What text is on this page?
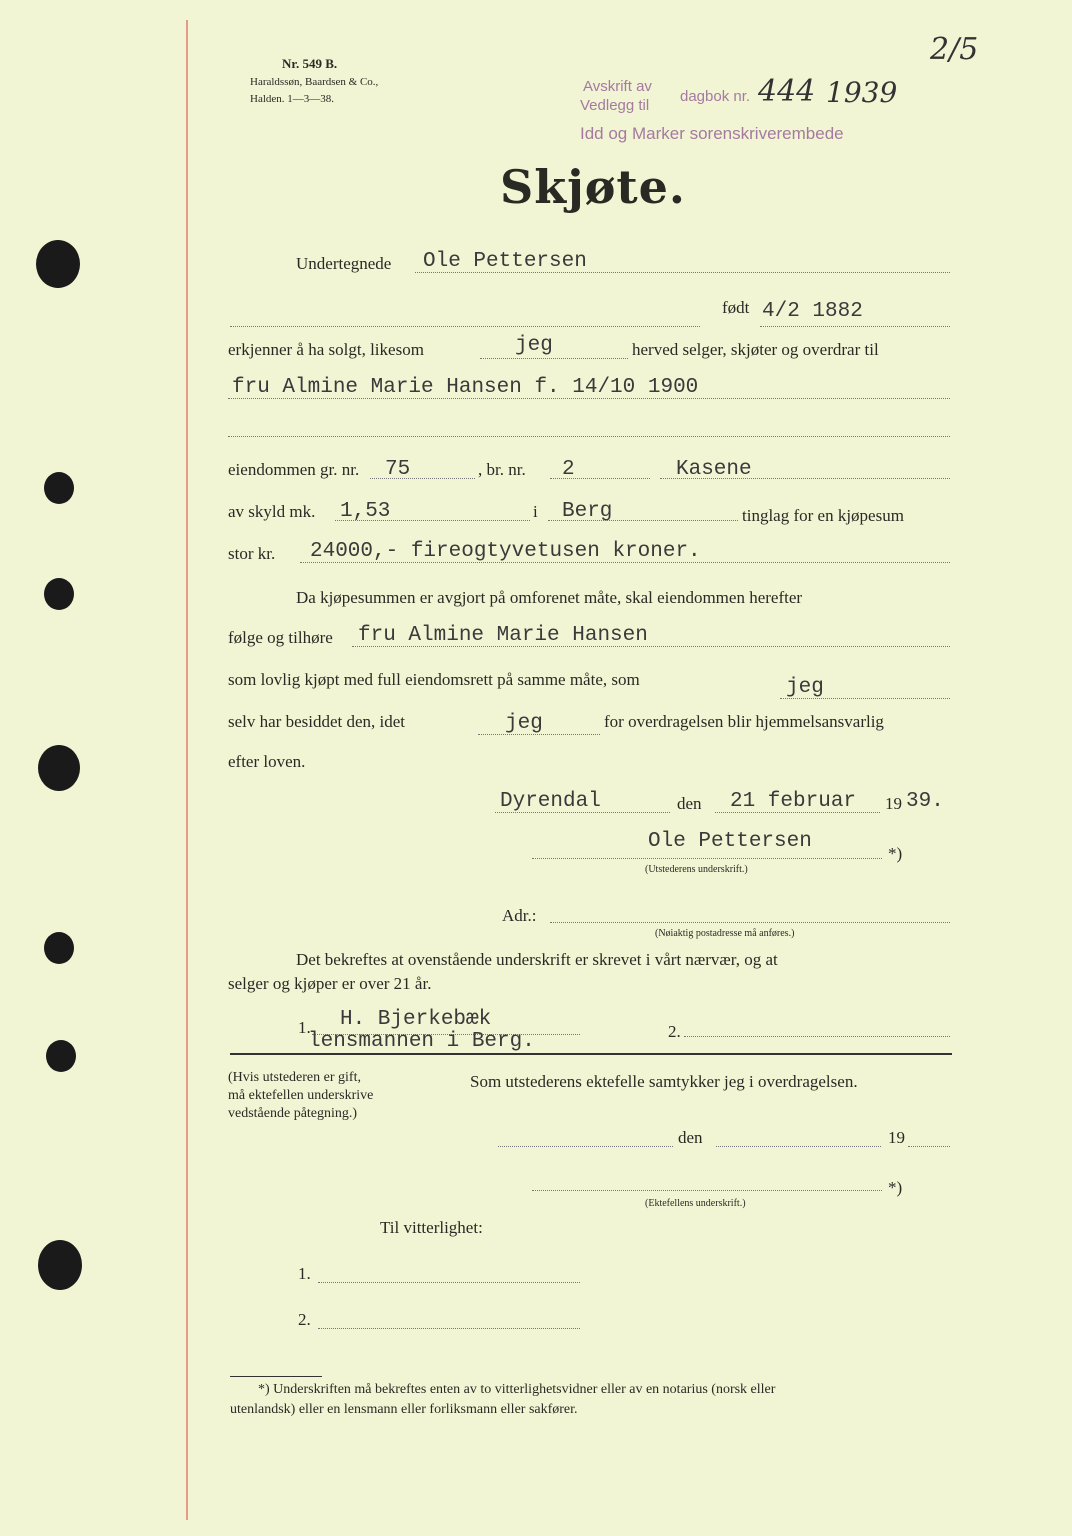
Nr. 549 B.
Haraldssøn, Baardsen & Co.,
Halden. 1—3—38.
Avskrift av
Vedlegg til
dagbok nr. 444 1939
Idd og Marker sorenskriverembede
2/5
Skjøte.
Undertegnede Ole Pettersen
født 4/2 1882
erkjenner å ha solgt, likesom	jeg	herved selger, skjøter og overdrar til
fru Almine Marie Hansen f. 14/10 1900
eiendommen gr. nr. 75	, br. nr. 2	Kasene
av skyld mk. 1,53	i Berg	tinglag for en kjøpesum
stor kr. 24000,- fireogtyvetusen kroner.
Da kjøpesummen er avgjort på omforenet måte, skal eiendommen herefter
følge og tilhøre fru Almine Marie Hansen
som lovlig kjøpt med full eiendomsrett på samme måte, som	jeg
selv har besiddet den, idet	jeg	for overdragelsen blir hjemmelsansvarlig
efter loven.
Dyrendal	den 21 februar 19 39.
Ole Pettersen
*)
(Utstederens underskrift.)
Adr.:
(Nøiaktig postadresse må anføres.)
Det bekreftes at ovenstående underskrift er skrevet i vårt nærvær, og at
selger og kjøper er over 21 år.
1. H. Bjerkebæk
lensmannen i Berg.	2.
(Hvis utstederen er gift,
må ektefellen underskrive
vedstående påtegning.)
Som utstederens ektefelle samtykker jeg i overdragelsen.
den	19
*)
(Ektefellens underskrift.)
Til vitterlighet:
1.
2.
*) Underskriften må bekreftes enten av to vitterlighetsvidner eller av en notarius (norsk eller
utenlandsk) eller en lensmann eller forliksmann eller sakfører.
